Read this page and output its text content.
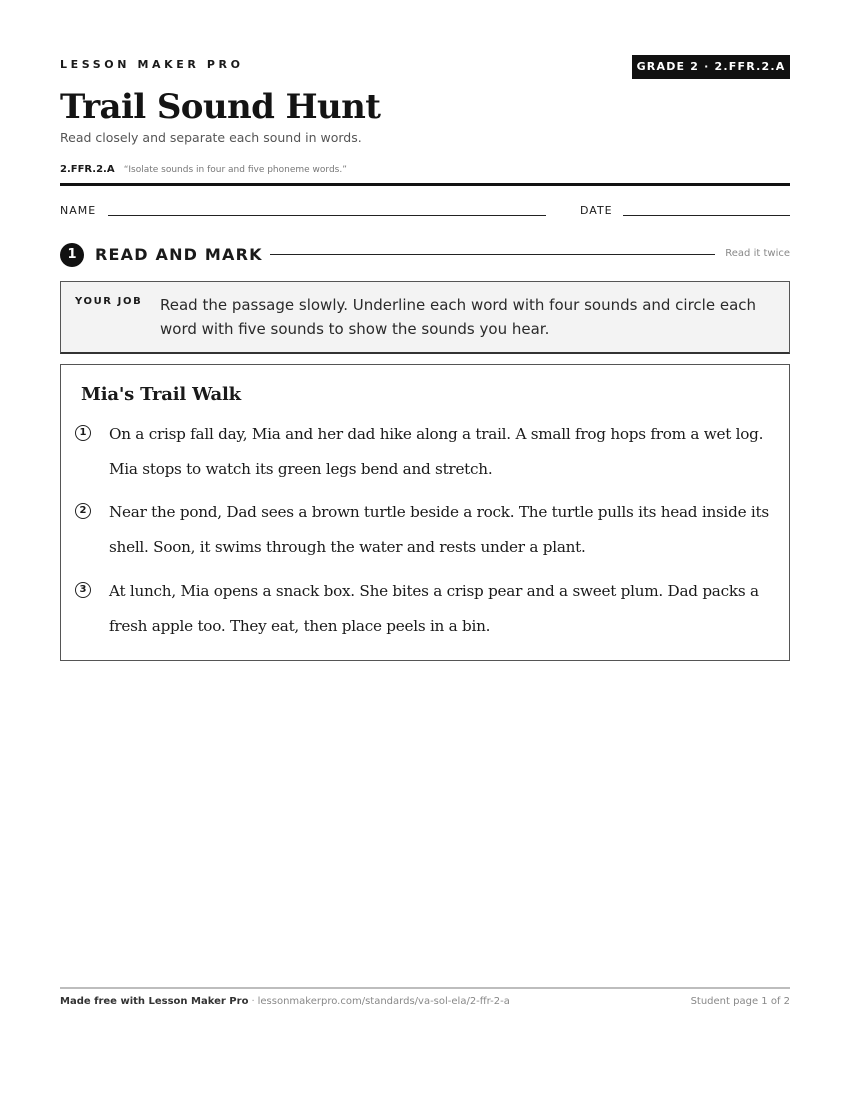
LESSON MAKER PRO	GRADE 2 · 2.FFR.2.A
Trail Sound Hunt
Read closely and separate each sound in words.
2.FFR.2.A “Isolate sounds in four and five phoneme words.”
NAME	DATE
1	READ AND MARK	Read it twice
YOUR JOB Read the passage slowly. Underline each word with four sounds and circle each word with five sounds to show the sounds you hear.
Mia's Trail Walk
1 On a crisp fall day, Mia and her dad hike along a trail. A small frog hops from a wet log. Mia stops to watch its green legs bend and stretch.
2 Near the pond, Dad sees a brown turtle beside a rock. The turtle pulls its head inside its shell. Soon, it swims through the water and rests under a plant.
3 At lunch, Mia opens a snack box. She bites a crisp pear and a sweet plum. Dad packs a fresh apple too. They eat, then place peels in a bin.
Made free with Lesson Maker Pro · lessonmakerpro.com/standards/va-sol-ela/2-ffr-2-a	Student page 1 of 2
